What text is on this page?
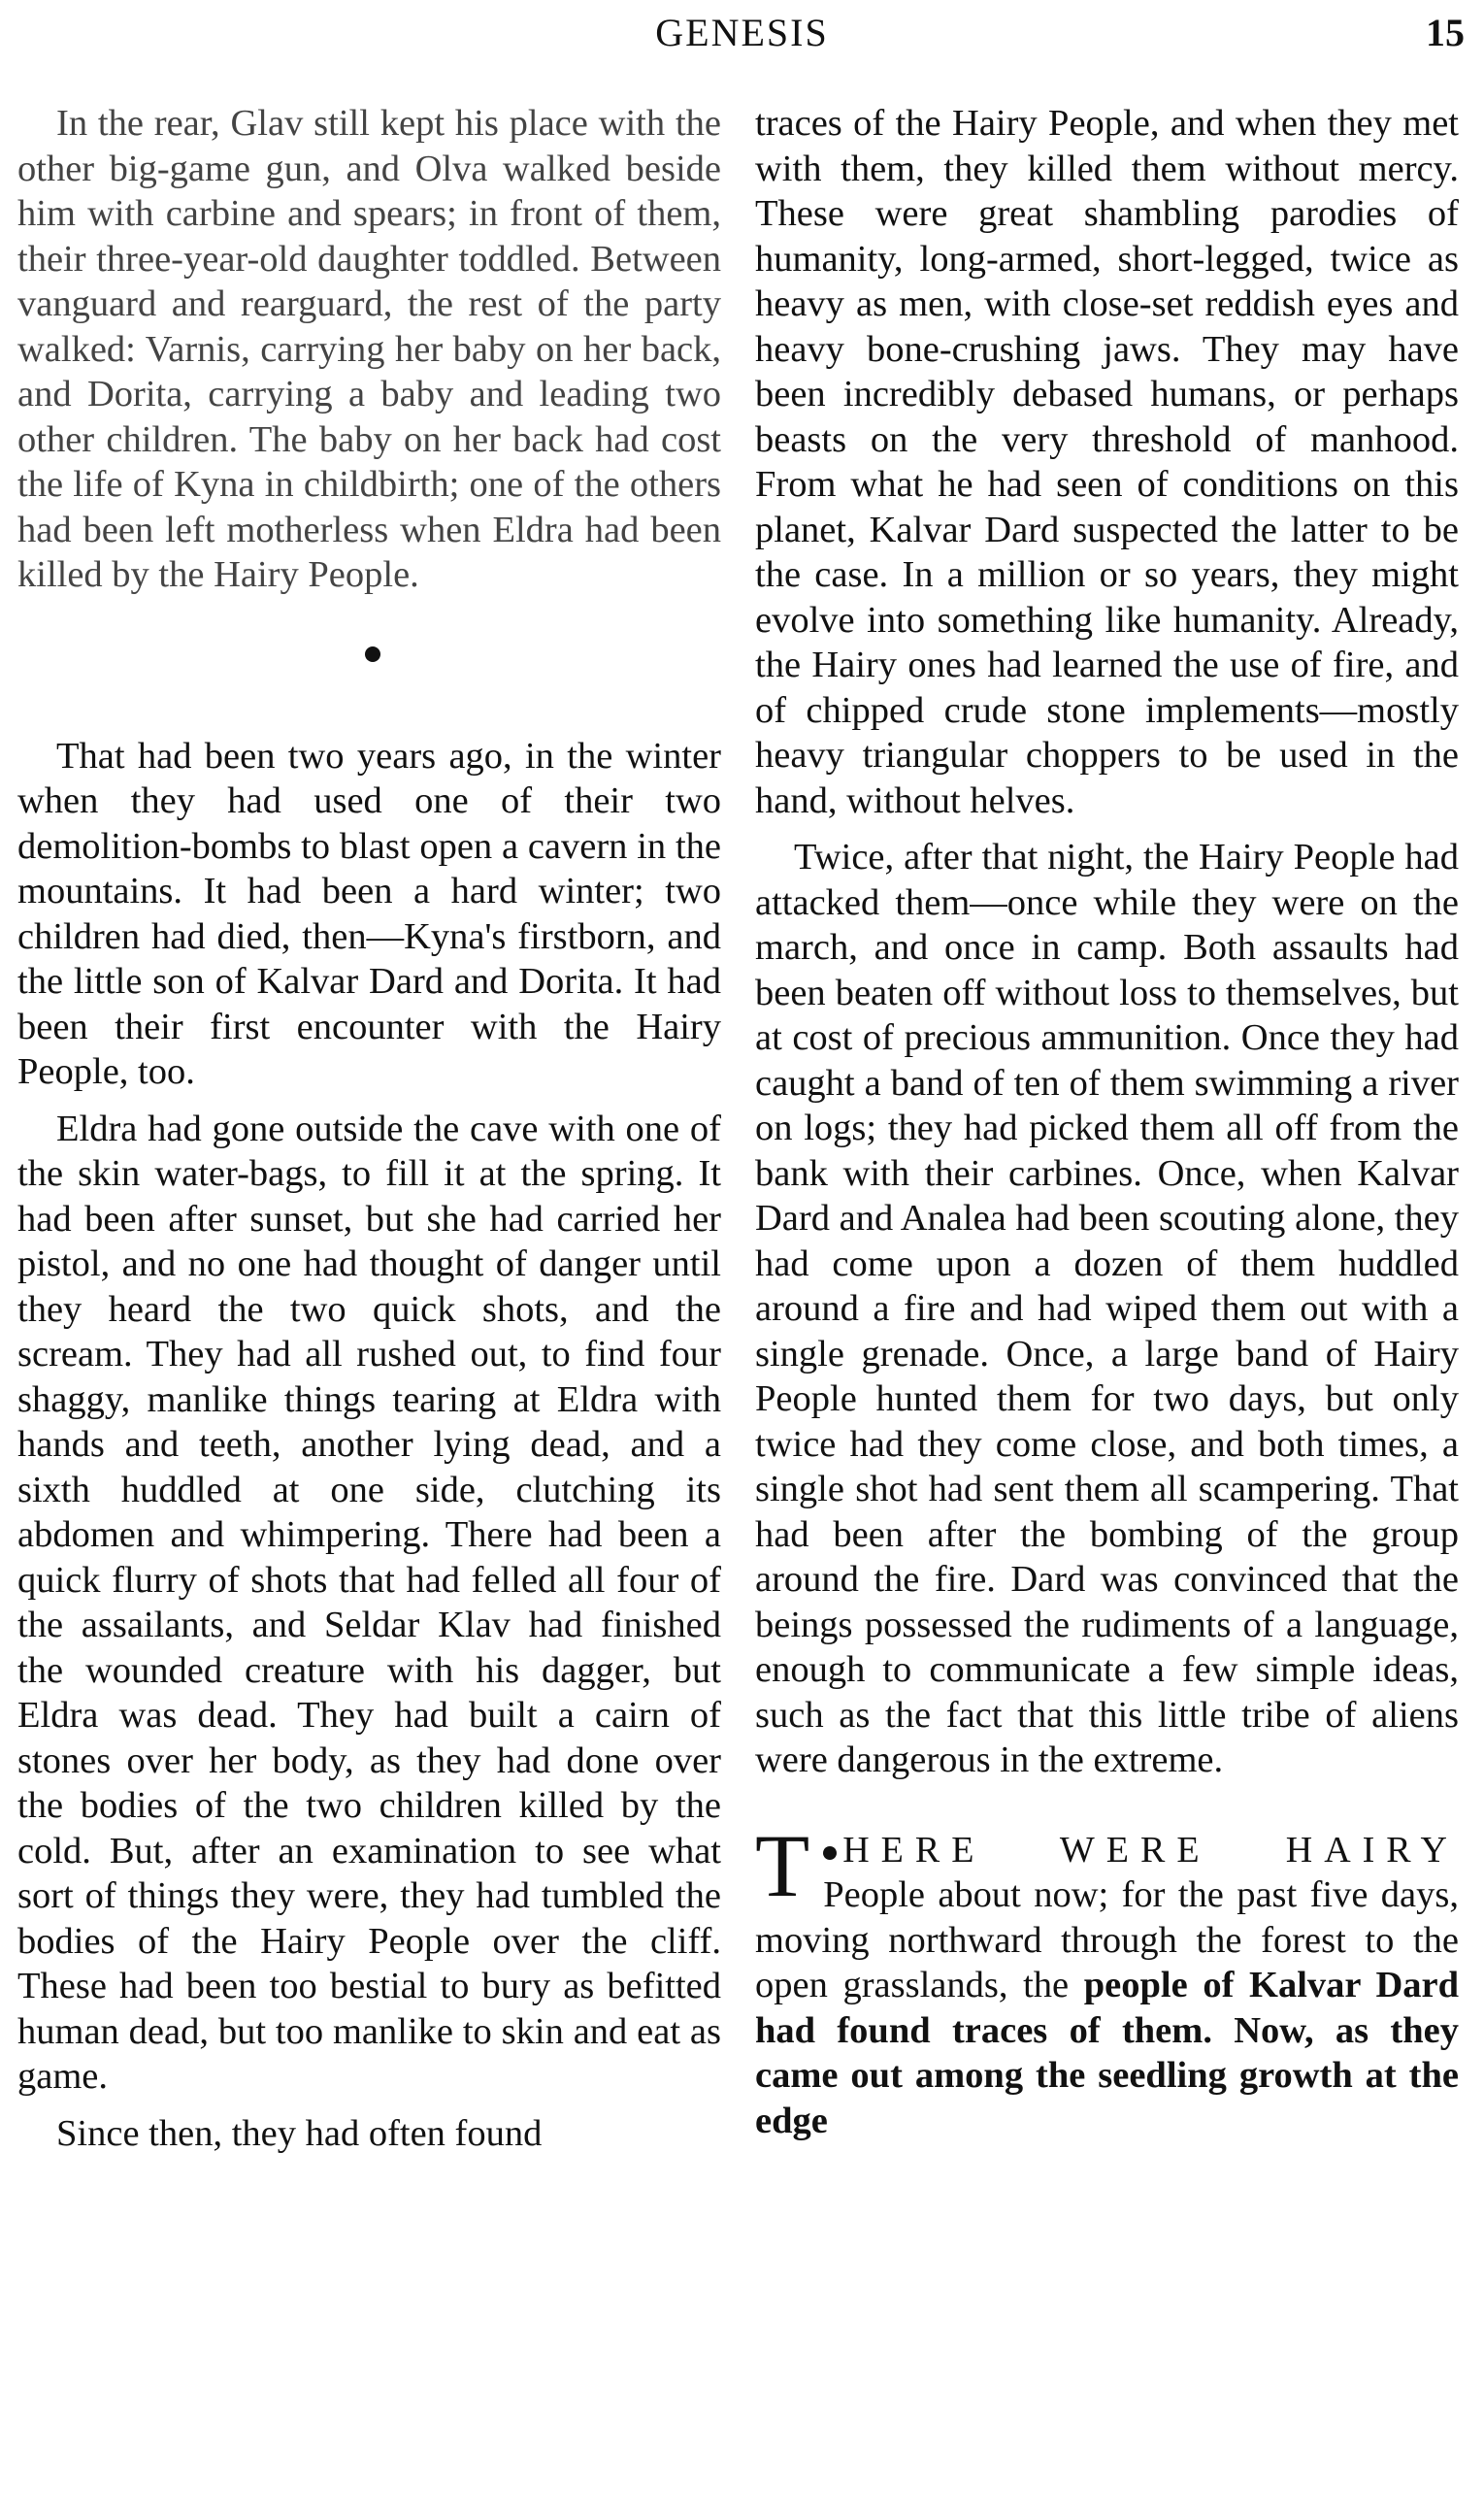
GENESIS	15

In the rear, Glav still kept his place with the other big-game gun, and Olva walked beside him with carbine and spears; in front of them, their three-year-old daughter toddled. Between vanguard and rearguard, the rest of the party walked: Varnis, carrying her baby on her back, and Dorita, carrying a baby and leading two other children. The baby on her back had cost the life of Kyna in childbirth; one of the others had been left motherless when Eldra had been killed by the Hairy People.

That had been two years ago, in the winter when they had used one of their two demolition-bombs to blast open a cavern in the mountains. It had been a hard winter; two children had died, then—Kyna's firstborn, and the little son of Kalvar Dard and Dorita. It had been their first encounter with the Hairy People, too.

Eldra had gone outside the cave with one of the skin water-bags, to fill it at the spring. It had been after sunset, but she had carried her pistol, and no one had thought of danger until they heard the two quick shots, and the scream. They had all rushed out, to find four shaggy, manlike things tearing at Eldra with hands and teeth, another lying dead, and a sixth huddled at one side, clutching its abdomen and whimpering. There had been a quick flurry of shots that had felled all four of the assailants, and Seldar Klav had finished the wounded creature with his dagger, but Eldra was dead. They had built a cairn of stones over her body, as they had done over the bodies of the two children killed by the cold. But, after an examination to see what sort of things they were, they had tumbled the bodies of the Hairy People over the cliff. These had been too bestial to bury as befitted human dead, but too manlike to skin and eat as game.

Since then, they had often found

traces of the Hairy People, and when they met with them, they killed them without mercy. These were great shambling parodies of humanity, long-armed, short-legged, twice as heavy as men, with close-set reddish eyes and heavy bone-crushing jaws. They may have been incredibly debased humans, or perhaps beasts on the very threshold of manhood. From what he had seen of conditions on this planet, Kalvar Dard suspected the latter to be the case. In a million or so years, they might evolve into something like humanity. Already, the Hairy ones had learned the use of fire, and of chipped crude stone implements—mostly heavy triangular choppers to be used in the hand, without helves.

Twice, after that night, the Hairy People had attacked them—once while they were on the march, and once in camp. Both assaults had been beaten off without loss to themselves, but at cost of precious ammunition. Once they had caught a band of ten of them swimming a river on logs; they had picked them all off from the bank with their carbines. Once, when Kalvar Dard and Analea had been scouting alone, they had come upon a dozen of them huddled around a fire and had wiped them out with a single grenade. Once, a large band of Hairy People hunted them for two days, but only twice had they come close, and both times, a single shot had sent them all scampering. That had been after the bombing of the group around the fire. Dard was convinced that the beings possessed the rudiments of a language, enough to communicate a few simple ideas, such as the fact that this little tribe of aliens were dangerous in the extreme.

THERE WERE HAIRY People about now; for the past five days, moving northward through the forest to the open grasslands, the people of Kalvar Dard had found traces of them. Now, as they came out among the seedling growth at the edge
